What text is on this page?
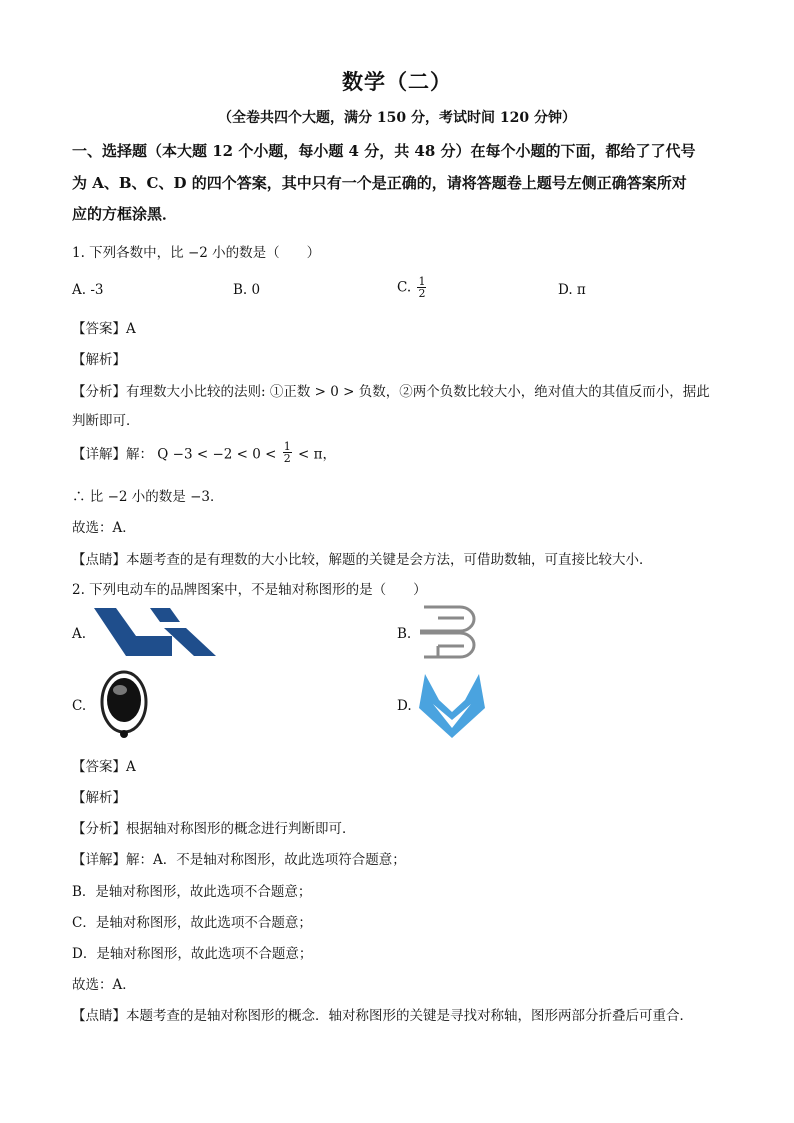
数学（二）
（全卷共四个大题，满分 150 分，考试时间 120 分钟）
一、选择题（本大题 12 个小题，每小题 4 分，共 48 分）在每个小题的下面，都给了了代号
为 A、B、C、D 的四个答案，其中只有一个是正确的，请将答题卷上题号左侧正确答案所对
应的方框涂黑．
1. 下列各数中，比 −2 小的数是（　　）
A. -3	B. 0	C. $\frac{1}{2}$	D. π
【答案】A
【解析】
【分析】有理数大小比较的法则: ①正数 > 0 > 负数，②两个负数比较大小，绝对值大的其值反而小，据此
判断即可．
【详解】解： $Q -3 < -2 < 0 < \frac{1}{2} < \pi$，
∴ 比 −2 小的数是 −3．
故选：A．
【点睛】本题考查的是有理数的大小比较，解题的关键是会方法，可借助数轴，可直接比较大小．
2. 下列电动车的品牌图案中，不是轴对称图形的是（　　）
A.	B.
C.	D.
【答案】A
【解析】
【分析】根据轴对称图形的概念进行判断即可．
【详解】解：A．不是轴对称图形，故此选项符合题意；
B．是轴对称图形，故此选项不合题意；
C．是轴对称图形，故此选项不合题意；
D．是轴对称图形，故此选项不合题意；
故选：A．
【点睛】本题考查的是轴对称图形的概念．轴对称图形的关键是寻找对称轴，图形两部分折叠后可重合．
